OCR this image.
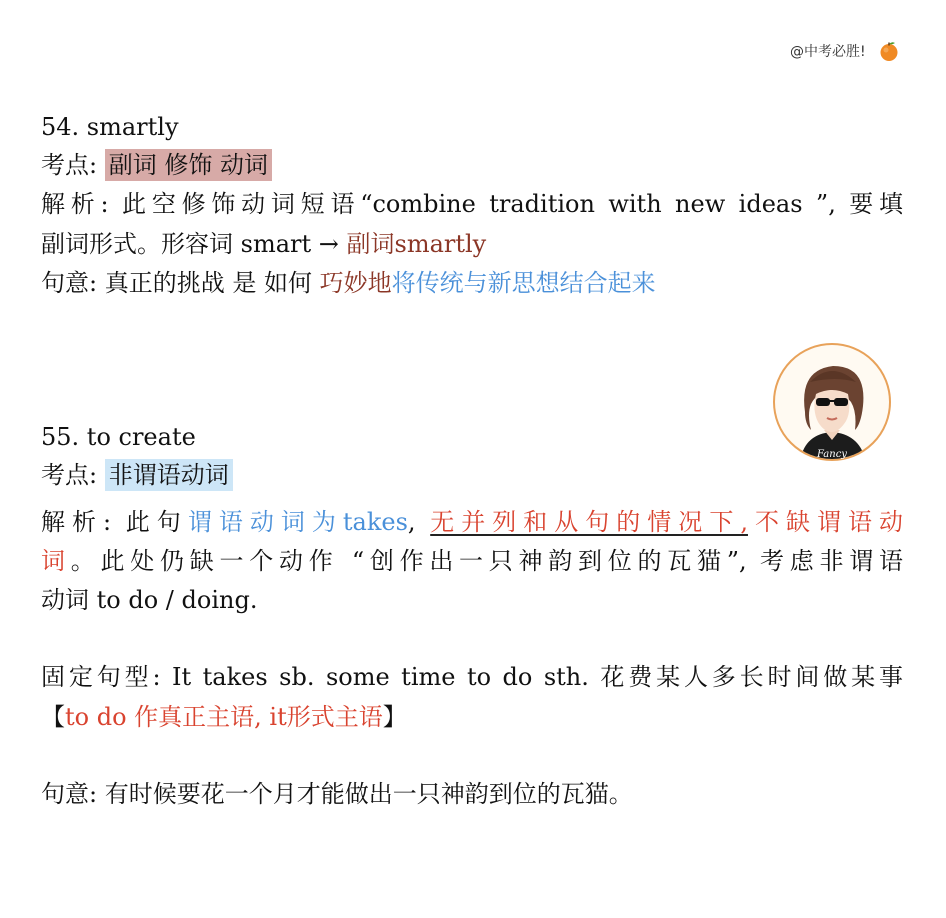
@中考必胜!
54. smartly
考点: 副词 修饰 动词
解析: 此空修饰动词短语“combine tradition with new ideas ”, 要填
副词形式。形容词 smart → 副词smartly
句意: 真正的挑战 是 如何 巧妙地将传统与新思想结合起来
Fancy
55. to create
考点: 非谓语动词
解析: 此句谓语动词为takes, 无并列和从句的情况下,不缺谓语动
词。此处仍缺一个动作 “创作出一只神韵到位的瓦猫”, 考虑非谓语
动词 to do / doing.
固定句型: It takes sb. some time to do sth. 花费某人多长时间做某事
【to do 作真正主语, it形式主语】
句意: 有时候要花一个月才能做出一只神韵到位的瓦猫。
